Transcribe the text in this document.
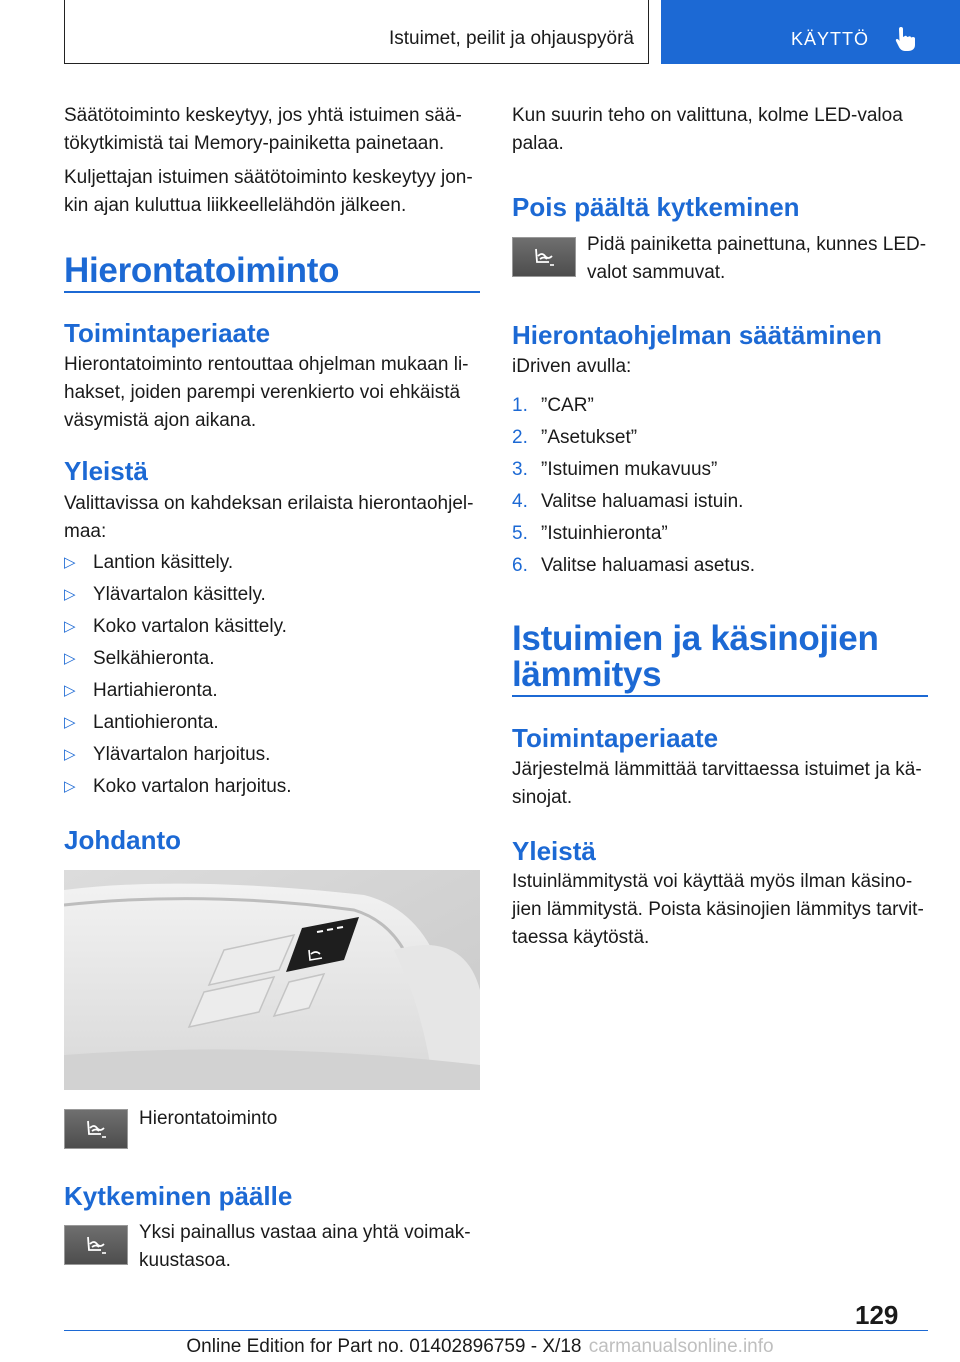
Istuimet, peilit ja ohjauspyörä	KÄYTTÖ

Säätötoiminto keskeytyy, jos yhtä istuimen sää-tökytkimistä tai Memory-painiketta painetaan.

Kuljettajan istuimen säätötoiminto keskeytyy jon-kin ajan kuluttua liikkeellelähdön jälkeen.

Hierontatoiminto
Toimintaperiaate

Hierontatoiminto rentouttaa ohjelman mukaan li-hakset, joiden parempi verenkierto voi ehkäistä väsymistä ajon aikana.

Yleistä

Valittavissa on kahdeksan erilaista hierontaohjel-maa:

▷ Lantion käsittely.
▷ Ylävartalon käsittely.
▷ Koko vartalon käsittely.
▷ Selkähieronta.
▷ Hartiahieronta.
▷ Lantiohieronta.
▷ Ylävartalon harjoitus.
▷ Koko vartalon harjoitus.
Johdanto

Hierontatoiminto

Kytkeminen päälle

Yksi painallus vastaa aina yhtä voimak-kuustasoa.

Kun suurin teho on valittuna, kolme LED-valoa palaa.

Pois päältä kytkeminen

Pidä painiketta painettuna, kunnes LED-valot sammuvat.

Hierontaohjelman säätäminen

iDriven avulla:

1. ”CAR”
2. ”Asetukset”
3. ”Istuimen mukavuus”
4. Valitse haluamasi istuin.
5. ”Istuinhieronta”
6. Valitse haluamasi asetus.
Istuimien ja käsinojien
lämmitys
Toimintaperiaate

Järjestelmä lämmittää tarvittaessa istuimet ja kä-sinojat.

Yleistä

Istuinlämmitystä voi käyttää myös ilman käsino-jien lämmitystä. Poista käsinojien lämmitys tarvit-taessa käytöstä.

129
Online Edition for Part no. 01402896759 - X/18 carmanualsonline.info
